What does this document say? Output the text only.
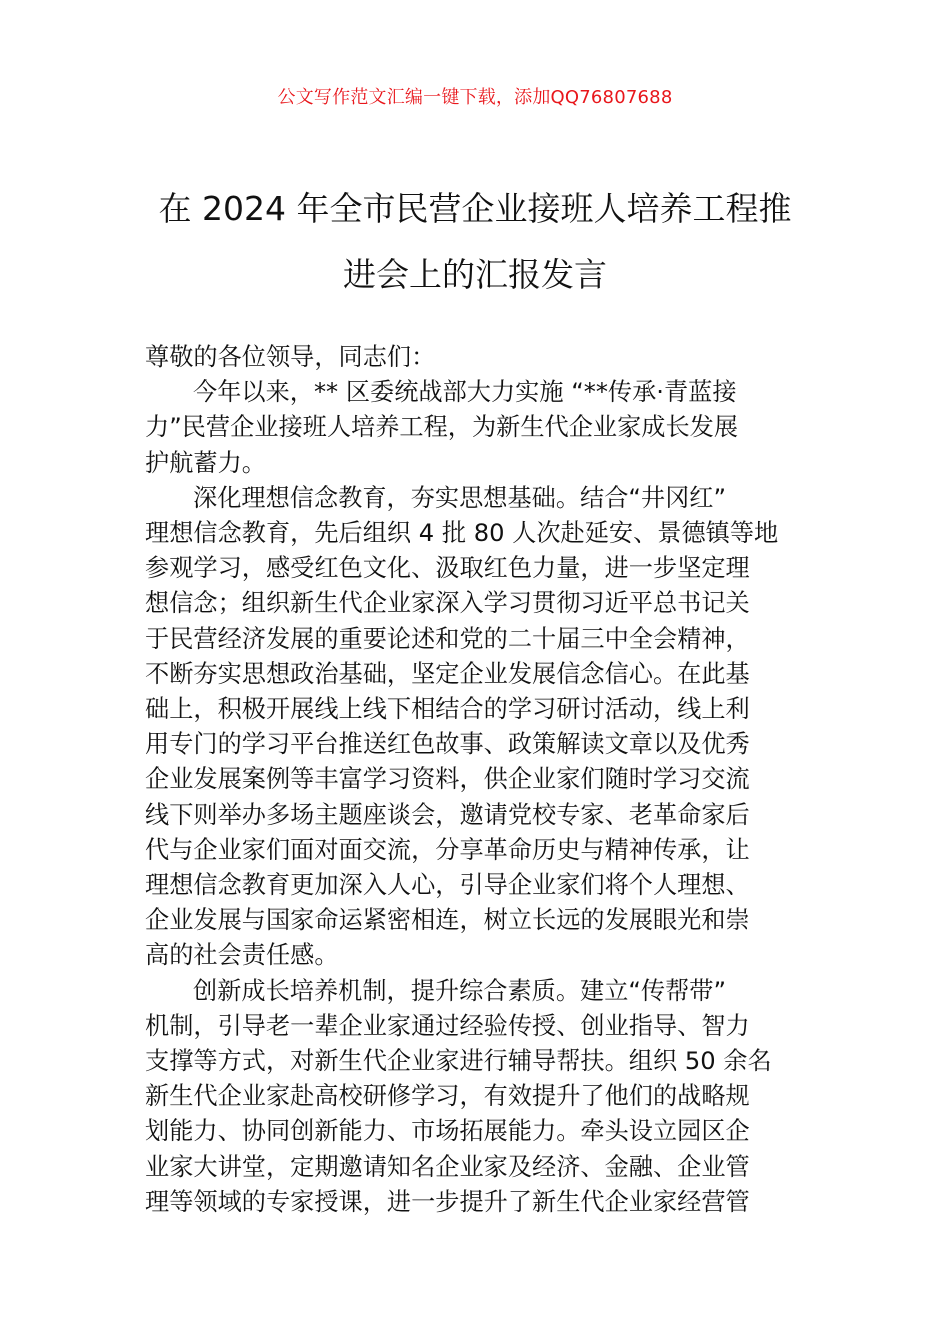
公文写作范文汇编一键下载，添加QQ76807688
在 2024 年全市民营企业接班人培养工程推
进会上的汇报发言

尊敬的各位领导，同志们：

今年以来，** 区委统战部大力实施 “**传承·青蓝接
力”民营企业接班人培养工程，为新生代企业家成长发展
护航蓄力。

深化理想信念教育，夯实思想基础。结合“井冈红”
理想信念教育，先后组织 4 批 80 人次赴延安、景德镇等地
参观学习，感受红色文化、汲取红色力量，进一步坚定理
想信念；组织新生代企业家深入学习贯彻习近平总书记关
于民营经济发展的重要论述和党的二十届三中全会精神，
不断夯实思想政治基础，坚定企业发展信念信心。在此基
础上，积极开展线上线下相结合的学习研讨活动，线上利
用专门的学习平台推送红色故事、政策解读文章以及优秀
企业发展案例等丰富学习资料，供企业家们随时学习交流
线下则举办多场主题座谈会，邀请党校专家、老革命家后
代与企业家们面对面交流，分享革命历史与精神传承，让
理想信念教育更加深入人心，引导企业家们将个人理想、
企业发展与国家命运紧密相连，树立长远的发展眼光和崇
高的社会责任感。

创新成长培养机制，提升综合素质。建立“传帮带”
机制，引导老一辈企业家通过经验传授、创业指导、智力
支撑等方式，对新生代企业家进行辅导帮扶。组织 50 余名
新生代企业家赴高校研修学习，有效提升了他们的战略规
划能力、协同创新能力、市场拓展能力。牵头设立园区企
业家大讲堂，定期邀请知名企业家及经济、金融、企业管
理等领域的专家授课，进一步提升了新生代企业家经营管
